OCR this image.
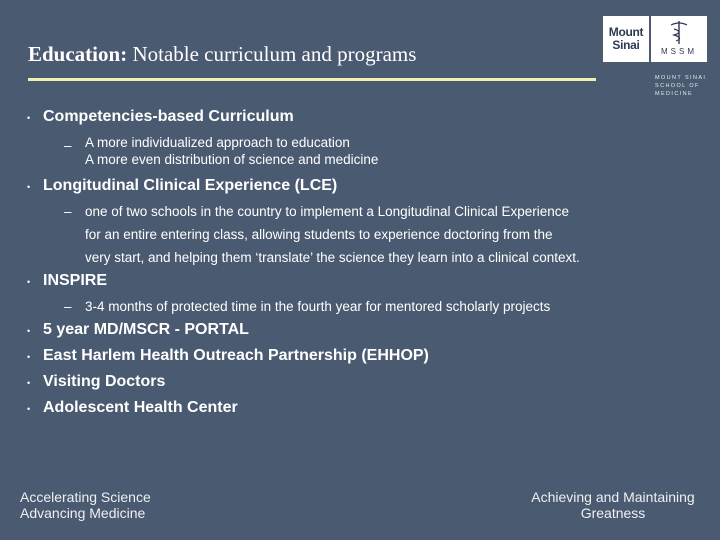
Education: Notable curriculum and programs
Mount
Sinai	MSSM
MOUNT SINAI
SCHOOL OF
MEDICINE
• Competencies-based Curriculum
– A more individualized approach to education
A more even distribution of science and medicine
• Longitudinal Clinical Experience (LCE)
– one of two schools in the country to implement a Longitudinal Clinical Experience
for an entire entering class, allowing students to experience doctoring from the
very start, and helping them ‘translate’ the science they learn into a clinical context.
• INSPIRE
– 3-4 months of protected time in the fourth year for mentored scholarly projects
• 5 year MD/MSCR - PORTAL
• East Harlem Health Outreach Partnership (EHHOP)
• Visiting Doctors
• Adolescent Health Center
Accelerating Science
Advancing Medicine
Achieving and Maintaining
Greatness
